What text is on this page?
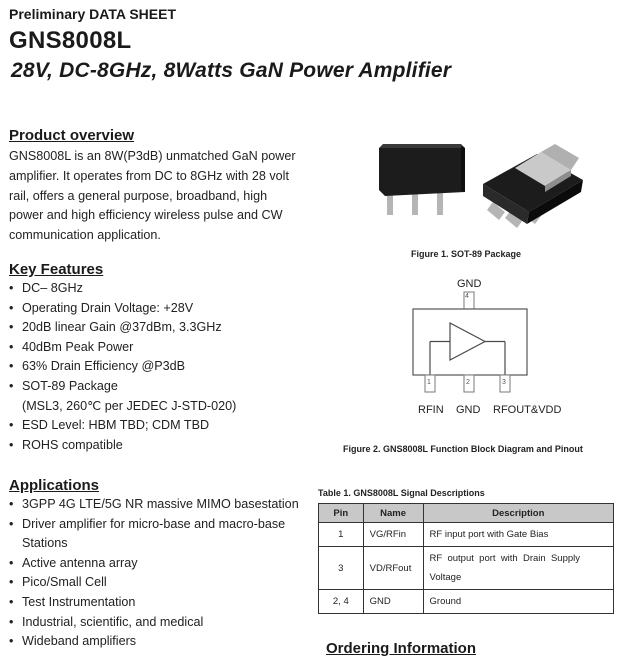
Preliminary DATA SHEET
GNS8008L
28V, DC-8GHz, 8Watts GaN Power Amplifier
Product overview
GNS8008L is an 8W(P3dB) unmatched GaN power
amplifier. It operates from DC to 8GHz with 28 volt
rail, offers a general purpose, broadband, high
power and high efficiency wireless pulse and CW
communication application.
Key Features
• DC– 8GHz
• Operating Drain Voltage: +28V
• 20dB linear Gain @37dBm, 3.3GHz
• 40dBm Peak Power
• 63% Drain Efficiency @P3dB
• SOT-89 Package
(MSL3, 260℃ per JEDEC J-STD-020)
• ESD Level: HBM TBD; CDM TBD
• ROHS compatible
Applications
• 3GPP 4G LTE/5G NR massive MIMO basestation
• Driver amplifier for micro-base and macro-base
Stations
• Active antenna array
• Pico/Small Cell
• Test Instrumentation
• Industrial, scientific, and medical
• Wideband amplifiers
Figure 1. SOT-89 Package
GND
4
1	2	3
RFIN GND RFOUT&VDD
Figure 2. GNS8008L Function Block Diagram and Pinout
Table 1. GNS8008L Signal Descriptions
Pin	Name	Description
1	VG/RFin	RF input port with Gate Bias
3	VD/RFout	RF  output  port  with  Drain  Supply
Voltage

2, 4	GND	Ground
Ordering Information
